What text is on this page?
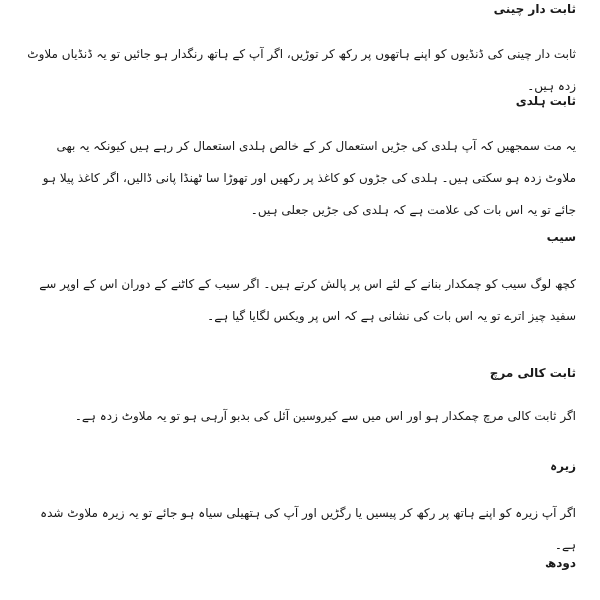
ثابت دار چینی

ثابت دار چینی کی ڈنڈیوں کو اپنے ہاتھوں پر رکھ کر توڑیں، اگر آپ کے ہاتھ رنگدار ہو جائیں تو یہ ڈنڈیاں ملاوٹ زدہ ہیں۔

ثابت ہلدی

یہ مت سمجھیں کہ آپ ہلدی کی جڑیں استعمال کر کے خالص ہلدی استعمال کر رہے ہیں کیونکہ یہ بھی ملاوٹ زدہ ہو سکتی ہیں۔ ہلدی کی جڑوں کو کاغذ پر رکھیں اور تھوڑا سا ٹھنڈا پانی ڈالیں، اگر کاغذ پیلا ہو جائے تو یہ اس بات کی علامت ہے کہ ہلدی کی جڑیں جعلی ہیں۔

سیب

کچھ لوگ سیب کو چمکدار بنانے کے لئے اس پر پالش کرتے ہیں۔ اگر سیب کے کاٹنے کے دوران اس کے اوپر سے سفید چیز اترے تو یہ اس بات کی نشانی ہے کہ اس پر ویکس لگایا گیا ہے۔

ثابت کالی مرچ

اگر ثابت کالی مرچ چمکدار ہو اور اس میں سے کیروسین آئل کی بدبو آرہی ہو تو یہ ملاوٹ زدہ ہے۔

زیرہ

اگر آپ زیرہ کو اپنے ہاتھ پر رکھ کر پیسیں یا رگڑیں اور آپ کی ہتھیلی سیاہ ہو جائے تو یہ زیرہ ملاوٹ شدہ ہے۔

دودھ
